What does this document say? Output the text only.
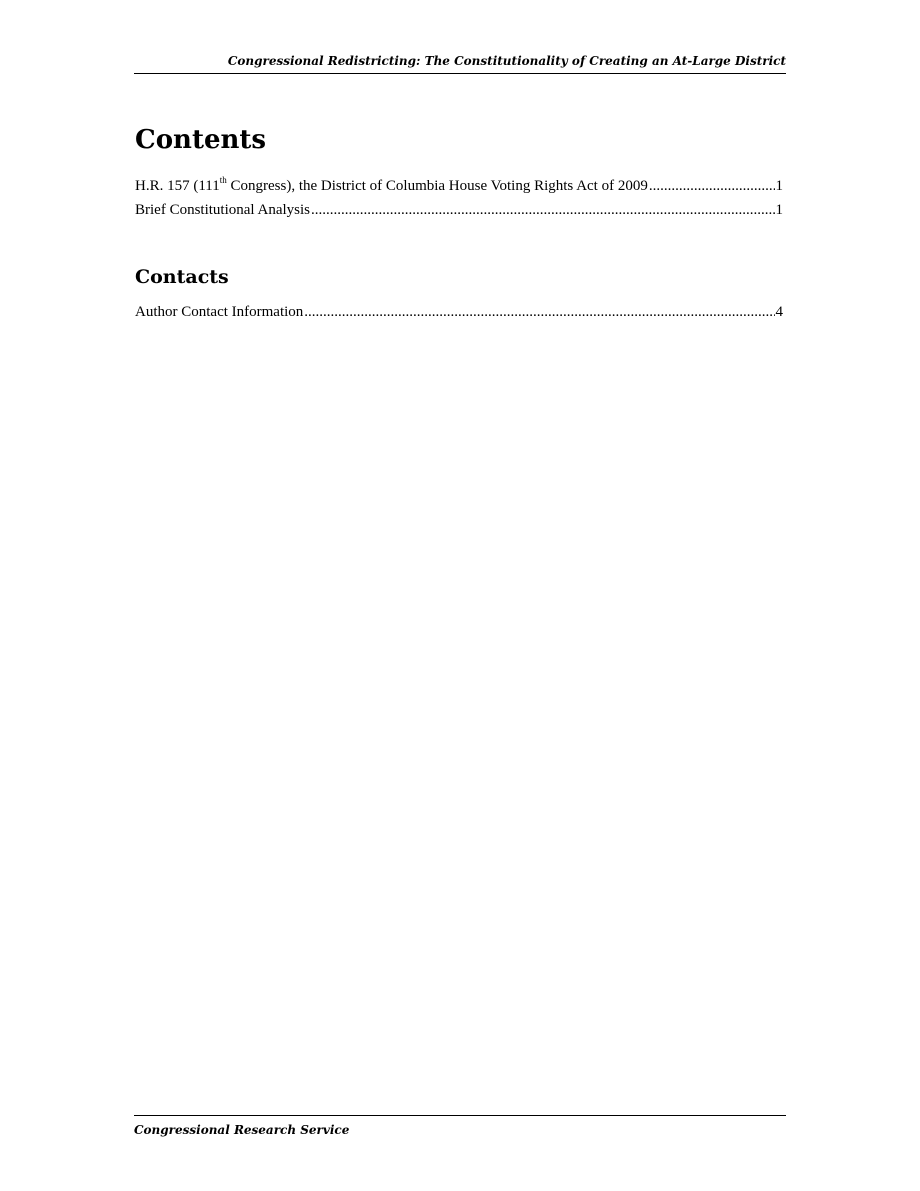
Congressional Redistricting: The Constitutionality of Creating an At-Large District
Contents
H.R. 157 (111th Congress), the District of Columbia House Voting Rights Act of 2009 .....	1
Brief Constitutional Analysis .....	1
Contacts
Author Contact Information .....	4
Congressional Research Service
